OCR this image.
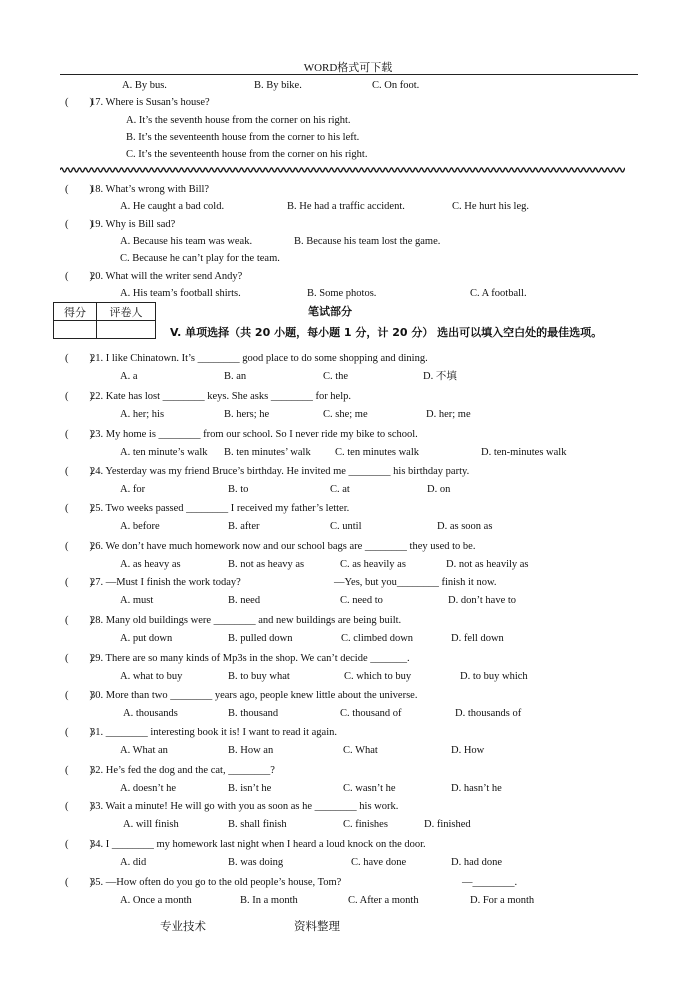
WORD格式可下载
A. By bus.	B. By bike.	C. On foot.
(　　)
17. Where is Susan’s house?
A. It’s the seventh house from the corner on his right.
B. It’s the seventeenth house from the corner to his left.
C. It’s the seventeenth house from the corner on his right.
(　　)
18. What’s wrong with Bill?
A. He caught a bad cold.	B. He had a traffic accident.	C. He hurt his leg.
(　　)
19. Why is Bill sad?
A. Because his team was weak.	B. Because his team lost the game.
C. Because he can’t play for the team.
(　　)
20. What will the writer send Andy?
A. His team’s football shirts.	B. Some photos.	C. A football.
得分	评卷人
		笔试部分
V. 单项选择（共 20 小题，每小题 1 分，计 20 分） 选出可以填入空白处的最佳选项。
(　　)
21. I like Chinatown. It’s ________ good place to do some shopping and dining.
A. a	B. an	C. the	D. 不填
(　　)
22. Kate has lost ________ keys. She asks ________ for help.
A. her; his	B. hers; he	C. she; me	D. her; me
(　　)
23. My home is ________ from our school. So I never ride my bike to school.
A. ten minute’s walk B. ten minutes’ walk C. ten minutes walk	D. ten-minutes walk
(　　)
24. Yesterday was my friend Bruce’s birthday. He invited me ________ his birthday party.
A. for	B. to	C. at	D. on
(　　)
25. Two weeks passed ________ I received my father’s letter.
A. before	B. after	C. until	D. as soon as
(　　)
26. We don’t have much homework now and our school bags are ________ they used to be.
A. as heavy as	B. not as heavy as	C. as heavily as	D. not as heavily as
(　　)
27. —Must I finish the work today?	—Yes, but you________ finish it now.
A. must	B. need	C. need to	D. don’t have to
(　　)
28. Many old buildings were ________ and new buildings are being built.
A. put down	B. pulled down	C. climbed down	D. fell down
(　　)
29. There are so many kinds of Mp3s in the shop. We can’t decide _______.
A. what to buy	B. to buy what	C. which to buy	D. to buy which
(　　)
30. More than two ________ years ago, people knew little about the universe.
A. thousands	B. thousand	C. thousand of	D. thousands of
(　　)
31. ________ interesting book it is! I want to read it again.
A. What an	B. How an	C. What	D. How
(　　)
32. He’s fed the dog and the cat, ________?
A. doesn’t he	B. isn’t he	C. wasn’t he	D. hasn’t he
(　　)
33. Wait a minute! He will go with you as soon as he ________ his work.
A. will finish	B. shall finish	C. finishes	D. finished
(　　)
34. I ________ my homework last night when I heard a loud knock on the door.
A. did	B. was doing	C. have done	D. had done
(　　)
35. —How often do you go to the old people’s house, Tom?	—________.
A. Once a month	B. In a month	C. After a month	D. For a month
专业技术	资料整理
